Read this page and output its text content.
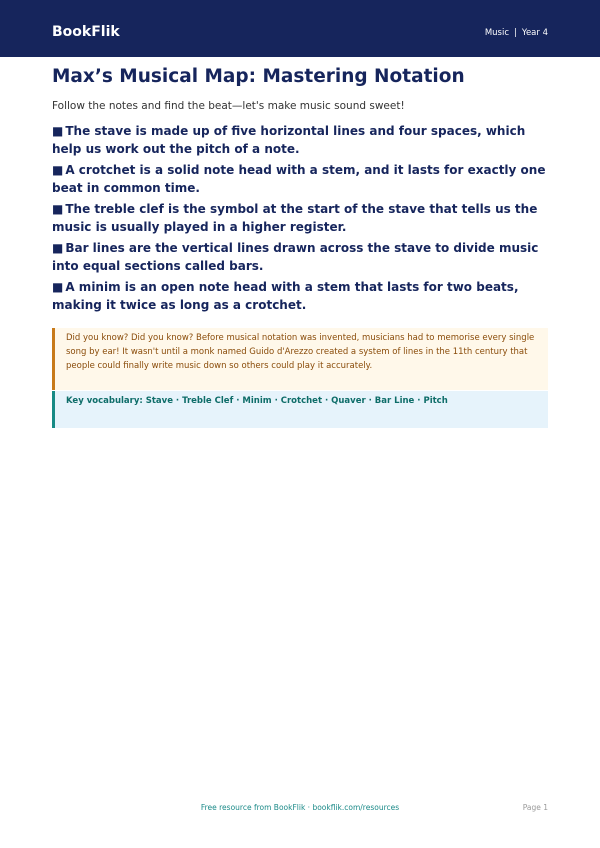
BookFlik	Music | Year 4
Max’s Musical Map: Mastering Notation

Follow the notes and find the beat—let's make music sound sweet!

■ The stave is made up of five horizontal lines and four spaces, which help us work out the pitch of a note.
■ A crotchet is a solid note head with a stem, and it lasts for exactly one beat in common time.
■ The treble clef is the symbol at the start of the stave that tells us the music is usually played in a higher register.
■ Bar lines are the vertical lines drawn across the stave to divide music into equal sections called bars.
■ A minim is an open note head with a stem that lasts for two beats, making it twice as long as a crotchet.

Did you know? Did you know? Before musical notation was invented, musicians had to memorise every single song by ear! It wasn't until a monk named Guido d'Arezzo created a system of lines in the 11th century that people could finally write music down so others could play it accurately.

Key vocabulary: Stave · Treble Clef · Minim · Crotchet · Quaver · Bar Line · Pitch
Free resource from BookFlik · bookflik.com/resources	Page 1
